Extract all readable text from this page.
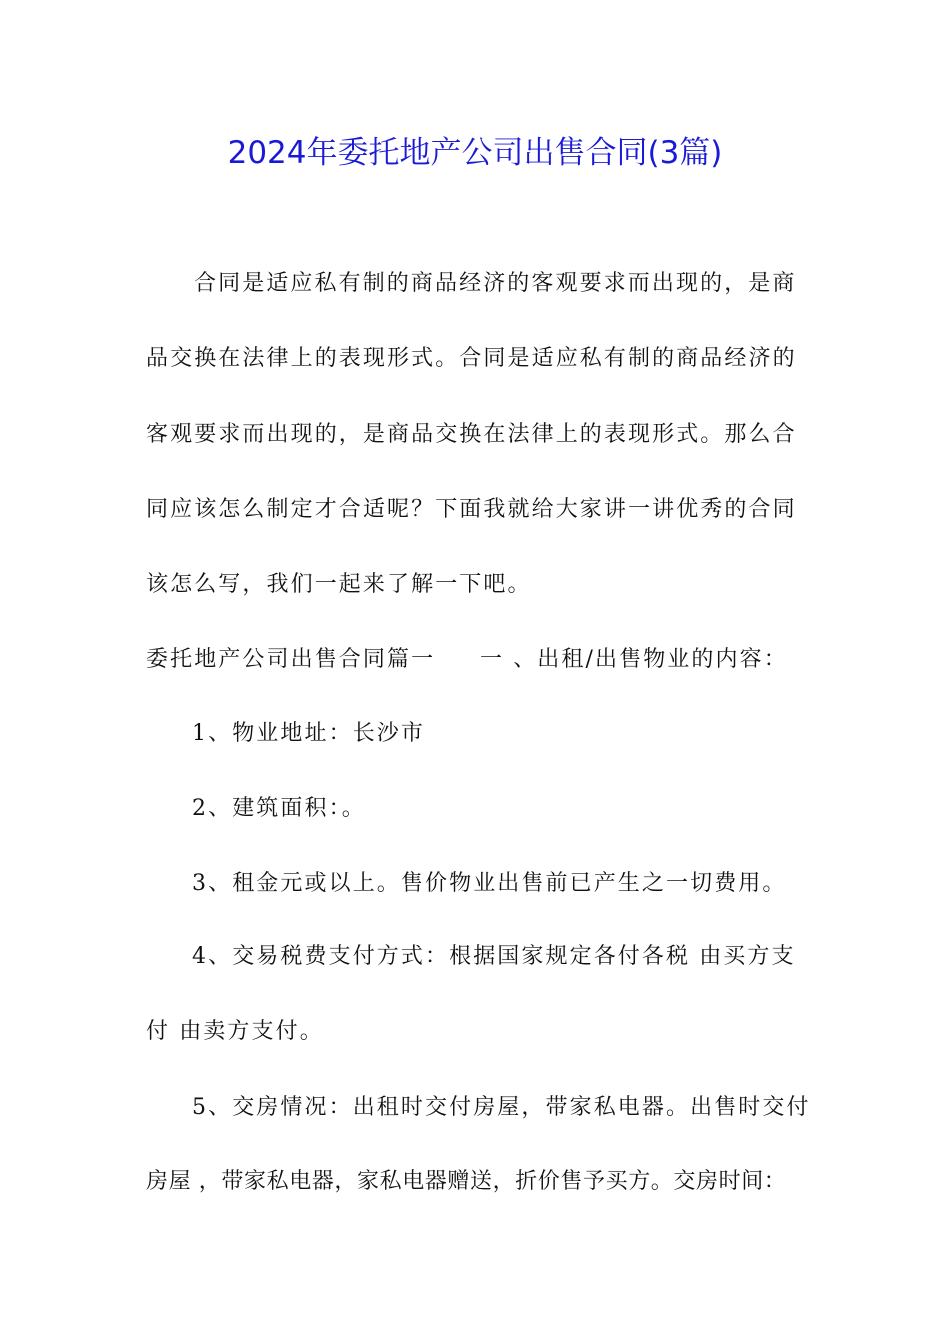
2024年委托地产公司出售合同(3篇)
合同是适应私有制的商品经济的客观要求而出现的，是商
品交换在法律上的表现形式。合同是适应私有制的商品经济的
客观要求而出现的，是商品交换在法律上的表现形式。那么合
同应该怎么制定才合适呢？下面我就给大家讲一讲优秀的合同
该怎么写，我们一起来了解一下吧。
委托地产公司出售合同篇一 一 、出租/出售物业的内容：
1、物业地址：长沙市
2、建筑面积：。
3、租金元或以上。售价物业出售前已产生之一切费用。
4、交易税费支付方式：根据国家规定各付各税 由买方支
付 由卖方支付。
5、交房情况：出租时交付房屋，带家私电器。出售时交付
房屋 ，带家私电器，家私电器赠送，折价售予买方。交房时间：
